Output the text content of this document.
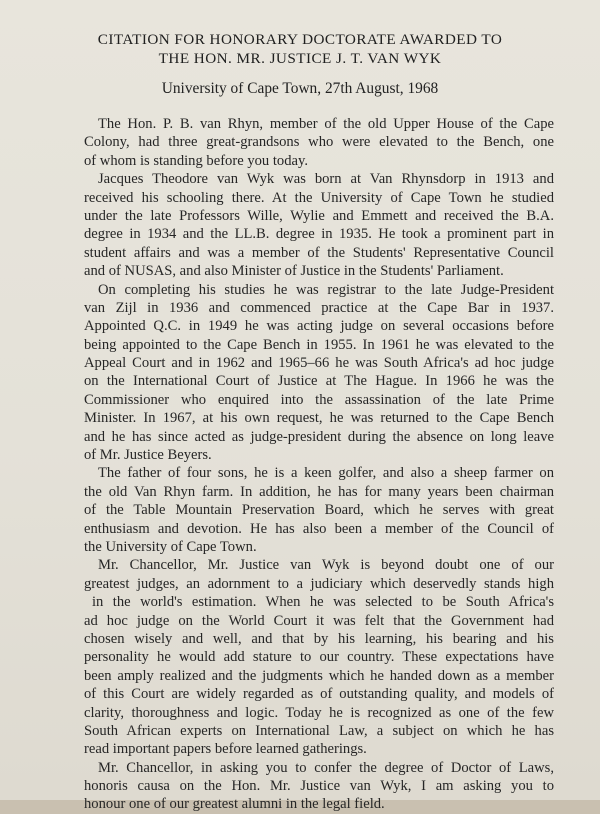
CITATION FOR HONORARY DOCTORATE AWARDED TO
THE HON. MR. JUSTICE J. T. VAN WYK
University of Cape Town, 27th August, 1968
The Hon. P. B. van Rhyn, member of the old Upper House of the Cape
Colony, had three great-grandsons who were elevated to the Bench, one
of whom is standing before you today.
Jacques Theodore van Wyk was born at Van Rhynsdorp in 1913 and
received his schooling there. At the University of Cape Town he studied
under the late Professors Wille, Wylie and Emmett and received the B.A.
degree in 1934 and the LL.B. degree in 1935. He took a prominent part in
student affairs and was a member of the Students' Representative Council
and of NUSAS, and also Minister of Justice in the Students' Parliament.
On completing his studies he was registrar to the late Judge-President
van Zijl in 1936 and commenced practice at the Cape Bar in 1937.
Appointed Q.C. in 1949 he was acting judge on several occasions before
being appointed to the Cape Bench in 1955. In 1961 he was elevated to the
Appeal Court and in 1962 and 1965–66 he was South Africa's ad hoc judge
on the International Court of Justice at The Hague. In 1966 he was the
Commissioner who enquired into the assassination of the late Prime
Minister. In 1967, at his own request, he was returned to the Cape Bench
and he has since acted as judge-president during the absence on long leave
of Mr. Justice Beyers.
The father of four sons, he is a keen golfer, and also a sheep farmer on
the old Van Rhyn farm. In addition, he has for many years been chairman
of the Table Mountain Preservation Board, which he serves with great
enthusiasm and devotion. He has also been a member of the Council of
the University of Cape Town.
Mr. Chancellor, Mr. Justice van Wyk is beyond doubt one of our
greatest judges, an adornment to a judiciary which deservedly stands high
in the world's estimation. When he was selected to be South Africa's
ad hoc judge on the World Court it was felt that the Government had
chosen wisely and well, and that by his learning, his bearing and his
personality he would add stature to our country. These expectations have
been amply realized and the judgments which he handed down as a member
of this Court are widely regarded as of outstanding quality, and models of
clarity, thoroughness and logic. Today he is recognized as one of the few
South African experts on International Law, a subject on which he has
read important papers before learned gatherings.
Mr. Chancellor, in asking you to confer the degree of Doctor of Laws,
honoris causa on the Hon. Mr. Justice van Wyk, I am asking you to
honour one of our greatest alumni in the legal field.
